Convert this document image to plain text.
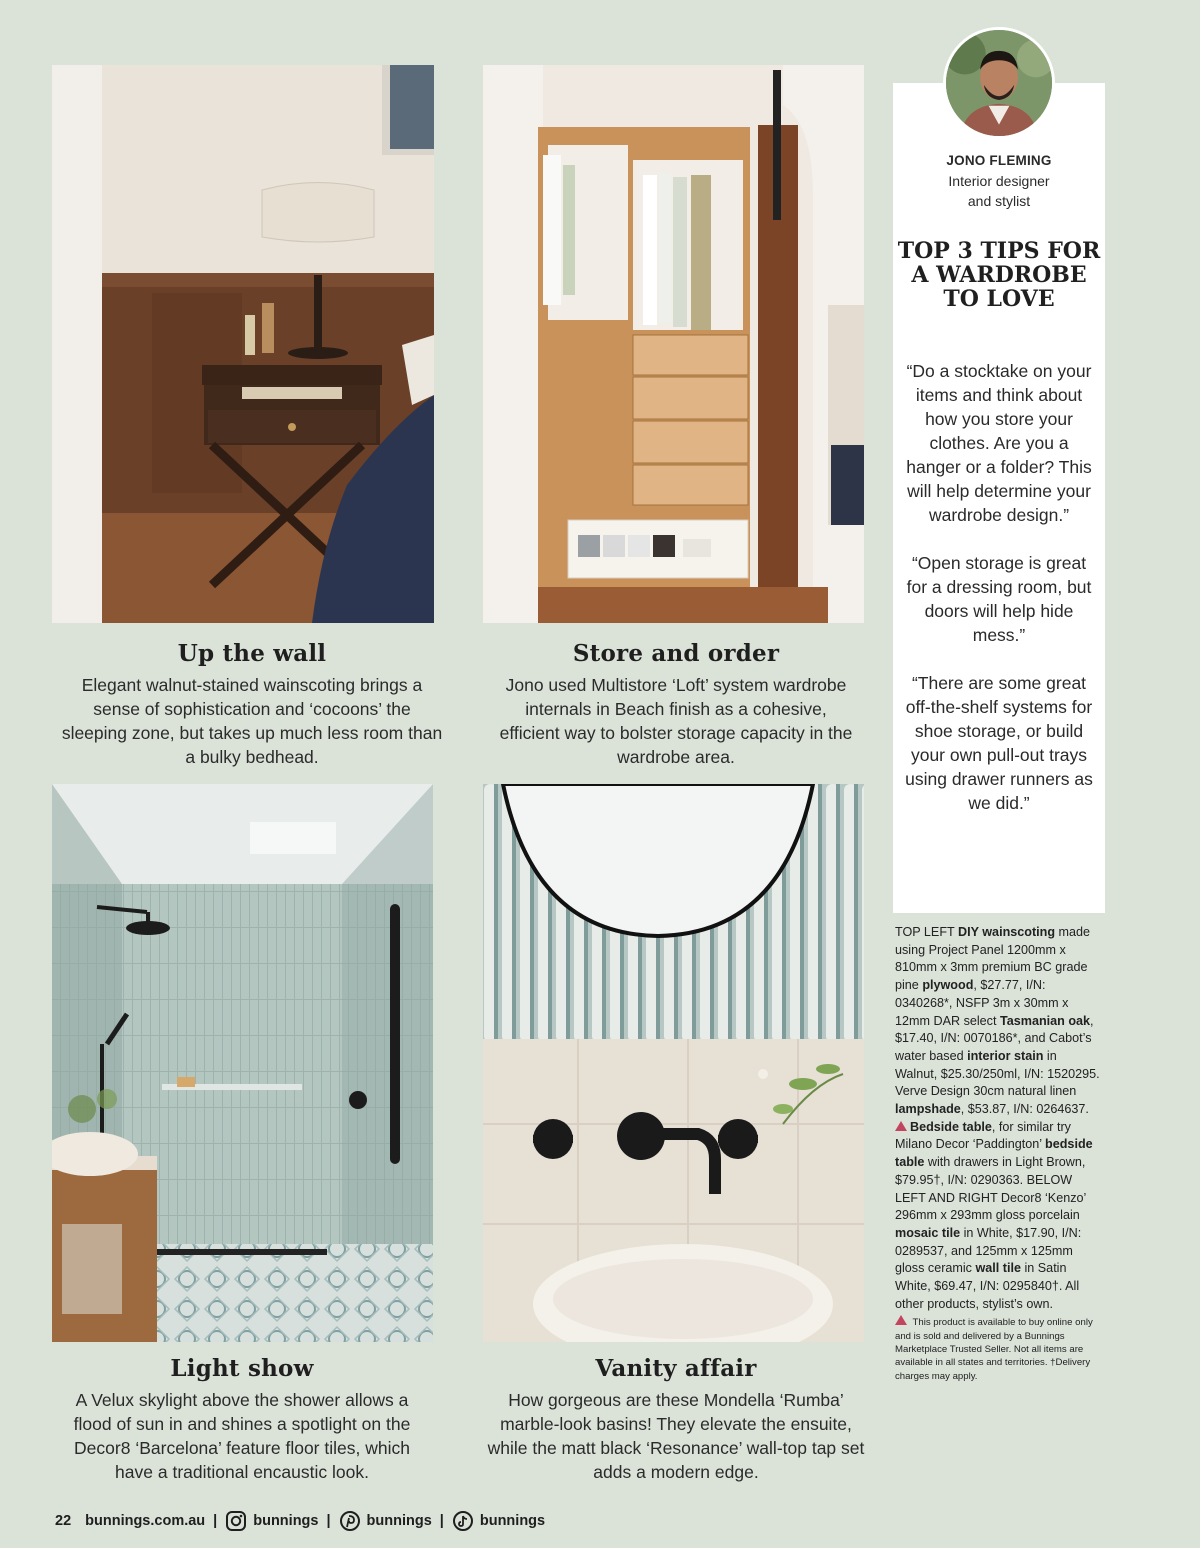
Up the wall

Elegant walnut-stained wainscoting brings a sense of sophistication and ‘cocoons’ the sleeping zone, but takes up much less room than a bulky bedhead.

Store and order

Jono used Multistore ‘Loft’ system wardrobe internals in Beach finish as a cohesive, efficient way to bolster storage capacity in the wardrobe area.

Light show

A Velux skylight above the shower allows a flood of sun in and shines a spotlight on the Decor8 ‘Barcelona’ feature floor tiles, which have a traditional encaustic look.

Vanity affair

How gorgeous are these Mondella ‘Rumba’ marble-look basins! They elevate the ensuite, while the matt black ‘Resonance’ wall-top tap set adds a modern edge.

JONO FLEMING
Interior designer
and stylist
TOP 3 TIPS FOR A WARDROBE TO LOVE

“Do a stocktake on your items and think about how you store your clothes. Are you a hanger or a folder? This will help determine your wardrobe design.”

“Open storage is great for a dressing room, but doors will help hide mess.”

“There are some great off-the-shelf systems for shoe storage, or build your own pull-out trays using drawer runners as we did.”

TOP LEFT DIY wainscoting made using Project Panel 1200mm x 810mm x 3mm premium BC grade pine plywood, $27.77, I/N: 0340268*, NSFP 3m x 30mm x 12mm DAR select Tasmanian oak, $17.40, I/N: 0070186*, and Cabot’s water based interior stain in Walnut, $25.30/250ml, I/N: 1520295. Verve Design 30cm natural linen lampshade, $53.87, I/N: 0264637.
Bedside table, for similar try Milano Decor ‘Paddington’ bedside table with drawers in Light Brown, $79.95†, I/N: 0290363. BELOW LEFT AND RIGHT Decor8 ‘Kenzo’ 296mm x 293mm gloss porcelain mosaic tile in White, $17.90, I/N: 0289537, and 125mm x 125mm gloss ceramic wall tile in Satin White, $69.47, I/N: 0295840†. All other products, stylist’s own.
This product is available to buy online only and is sold and delivered by a Bunnings Marketplace Trusted Seller. Not all items are available in all states and territories. †Delivery charges may apply.
22 bunnings.com.au | bunnings | bunnings | bunnings
